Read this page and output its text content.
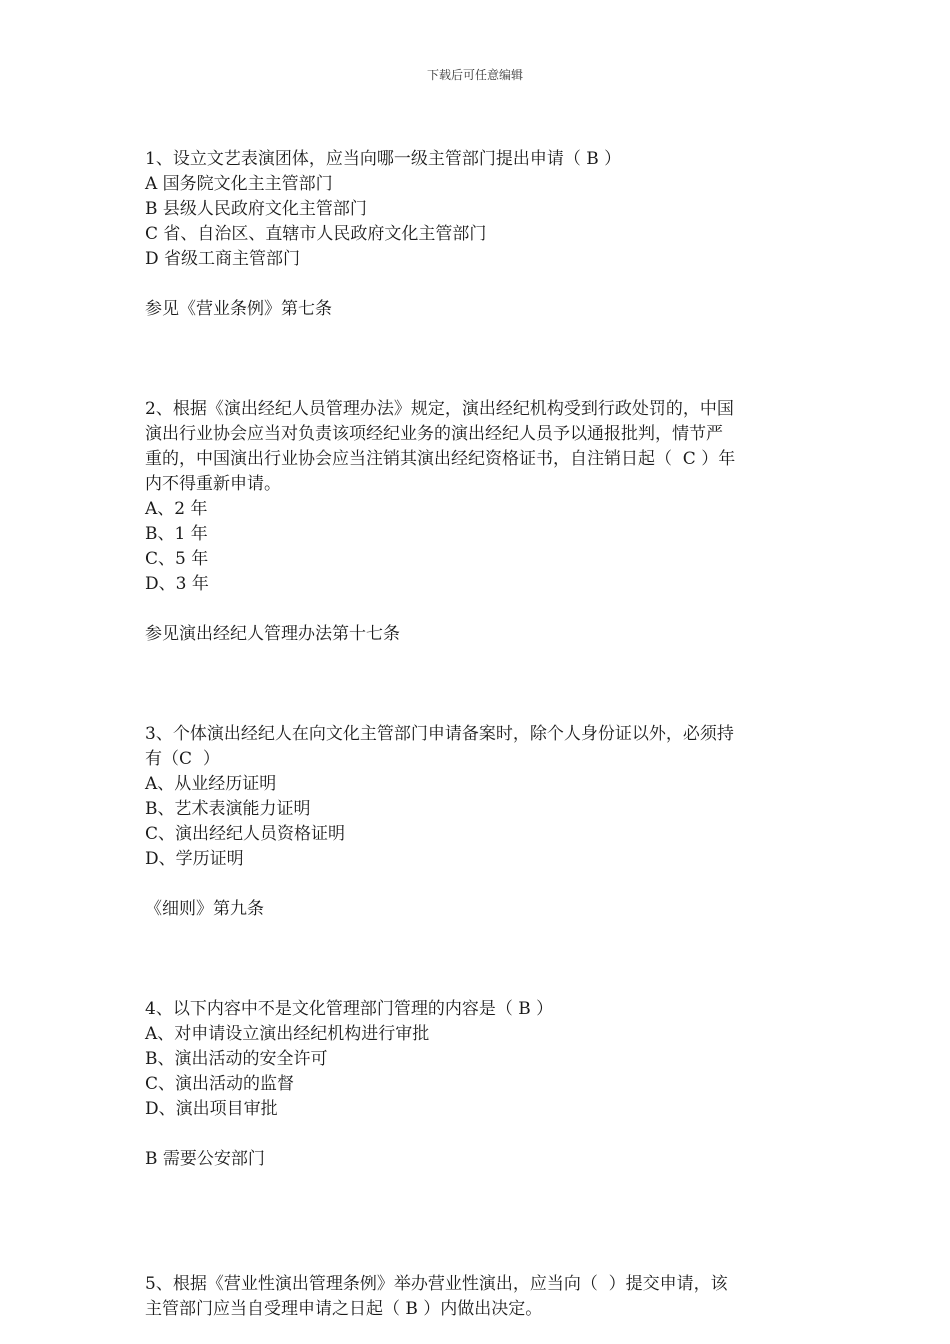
下载后可任意编辑
1、设立文艺表演团体，应当向哪一级主管部门提出申请（ B ）
A 国务院文化主主管部门
B 县级人民政府文化主管部门
C 省、自治区、直辖市人民政府文化主管部门
D 省级工商主管部门
参见《营业条例》第七条
2、根据《演出经纪人员管理办法》规定，演出经纪机构受到行政处罚的，中国
演出行业协会应当对负责该项经纪业务的演出经纪人员予以通报批判，情节严
重的，中国演出行业协会应当注销其演出经纪资格证书，自注销日起（  C ）年
内不得重新申请。
A、2 年
B、1 年
C、5 年
D、3 年
参见演出经纪人管理办法第十七条
3、个体演出经纪人在向文化主管部门申请备案时，除个人身份证以外，必须持
有（C  ）
A、从业经历证明
B、艺术表演能力证明
C、演出经纪人员资格证明
D、学历证明
《细则》第九条
4、以下内容中不是文化管理部门管理的内容是（ B ）
A、对申请设立演出经纪机构进行审批
B、演出活动的安全许可
C、演出活动的监督
D、演出项目审批
B 需要公安部门
5、根据《营业性演出管理条例》举办营业性演出，应当向（  ）提交申请，该
主管部门应当自受理申请之日起（ B ）内做出决定。
